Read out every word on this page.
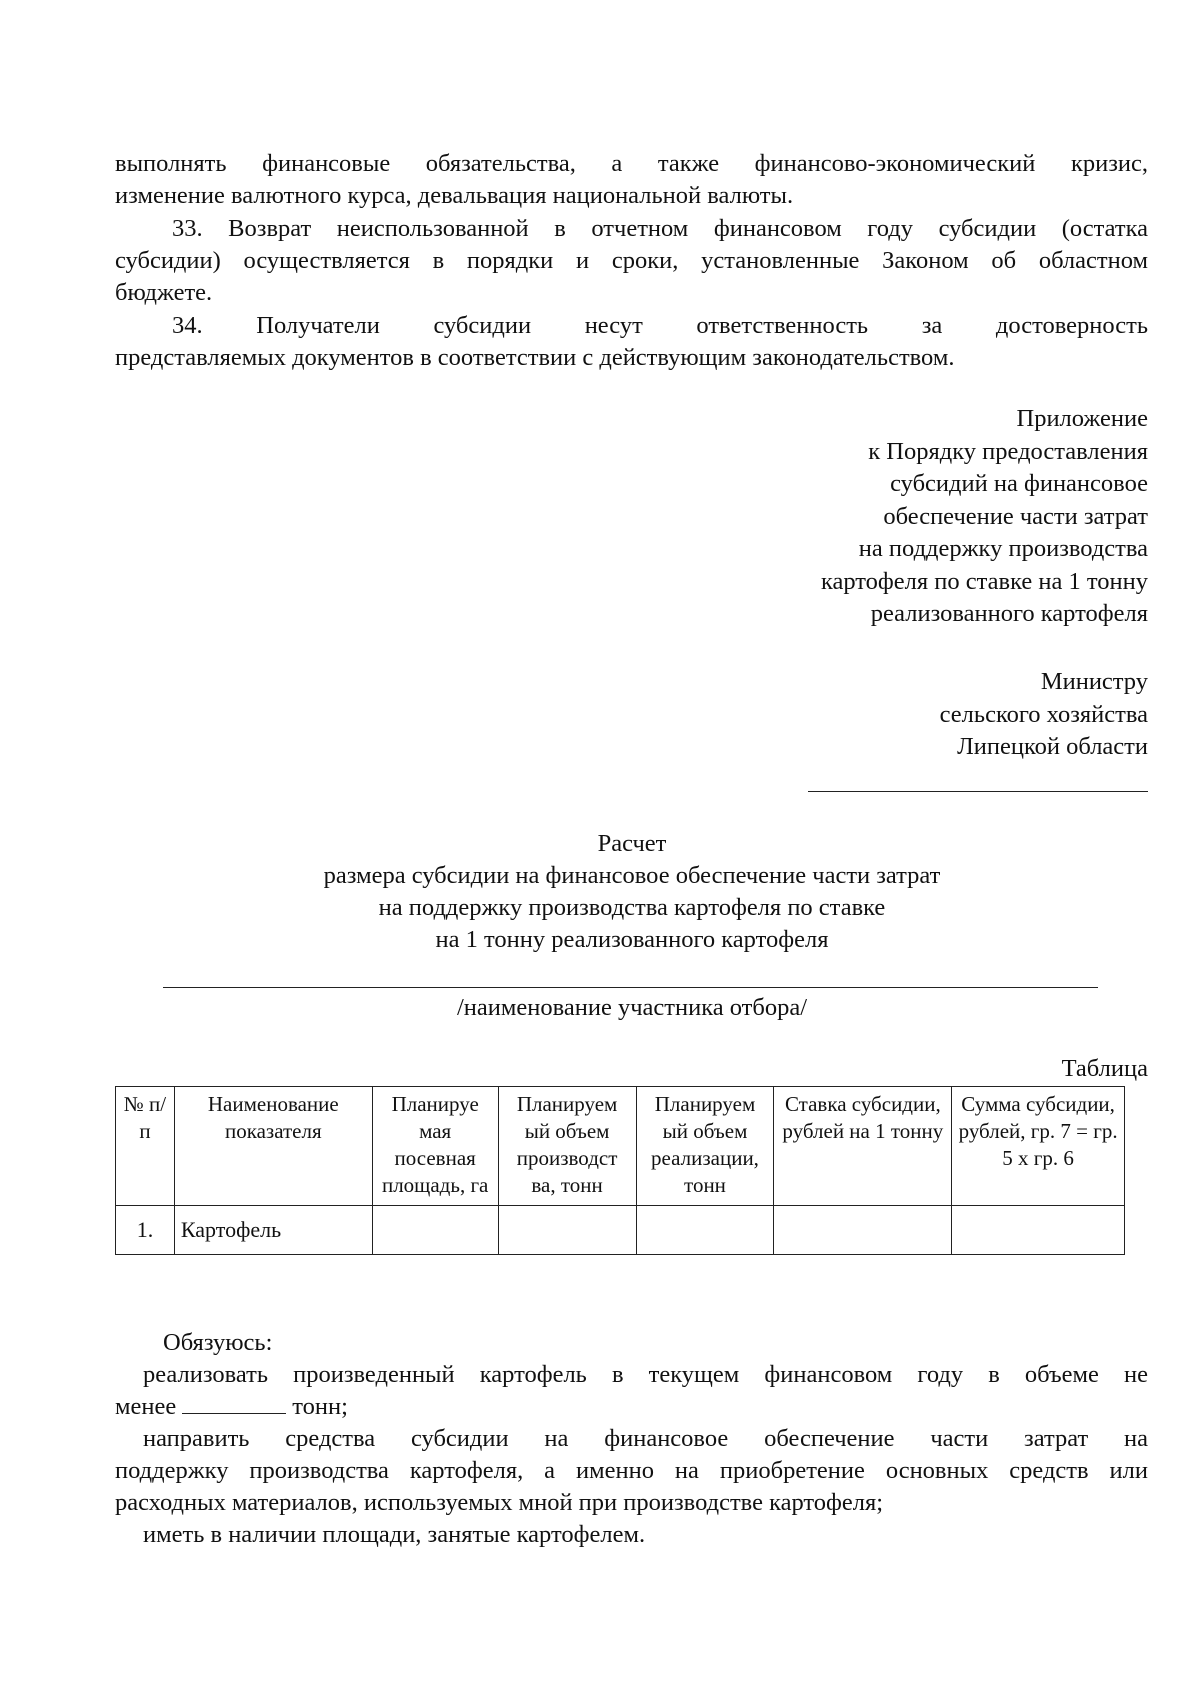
выполнять финансовые обязательства, а также финансово-экономический кризис,
изменение валютного курса, девальвация национальной валюты.
33. Возврат неиспользованной в отчетном финансовом году субсидии (остатка
субсидии) осуществляется в порядки и сроки, установленные Законом об областном
бюджете.
34. Получатели субсидии несут ответственность за достоверность
представляемых документов в соответствии с действующим законодательством.
Приложение
к Порядку предоставления
субсидий на финансовое
обеспечение части затрат
на поддержку производства
картофеля по ставке на 1 тонну
реализованного картофеля
Министру
сельского хозяйства
Липецкой области
Расчет
размера субсидии на финансовое обеспечение части затрат
на поддержку производства картофеля по ставке
на 1 тонну реализованного картофеля
/наименование участника отбора/
Таблица
№ п/п	Наименование показателя	Планируе мая посевная площадь, га	Планируем ый объем производст ва, тонн	Планируем ый объем реализации, тонн	Ставка субсидии, рублей на 1 тонну	Сумма субсидии, рублей, гр. 7 = гр. 5 х гр. 6
1.	Картофель					
Обязуюсь:
реализовать произведенный картофель в текущем финансовом году в объеме не
менее	тонн;
направить средства субсидии на финансовое обеспечение части затрат на
поддержку производства картофеля, а именно на приобретение основных средств или
расходных материалов, используемых мной при производстве картофеля;
иметь в наличии площади, занятые картофелем.
